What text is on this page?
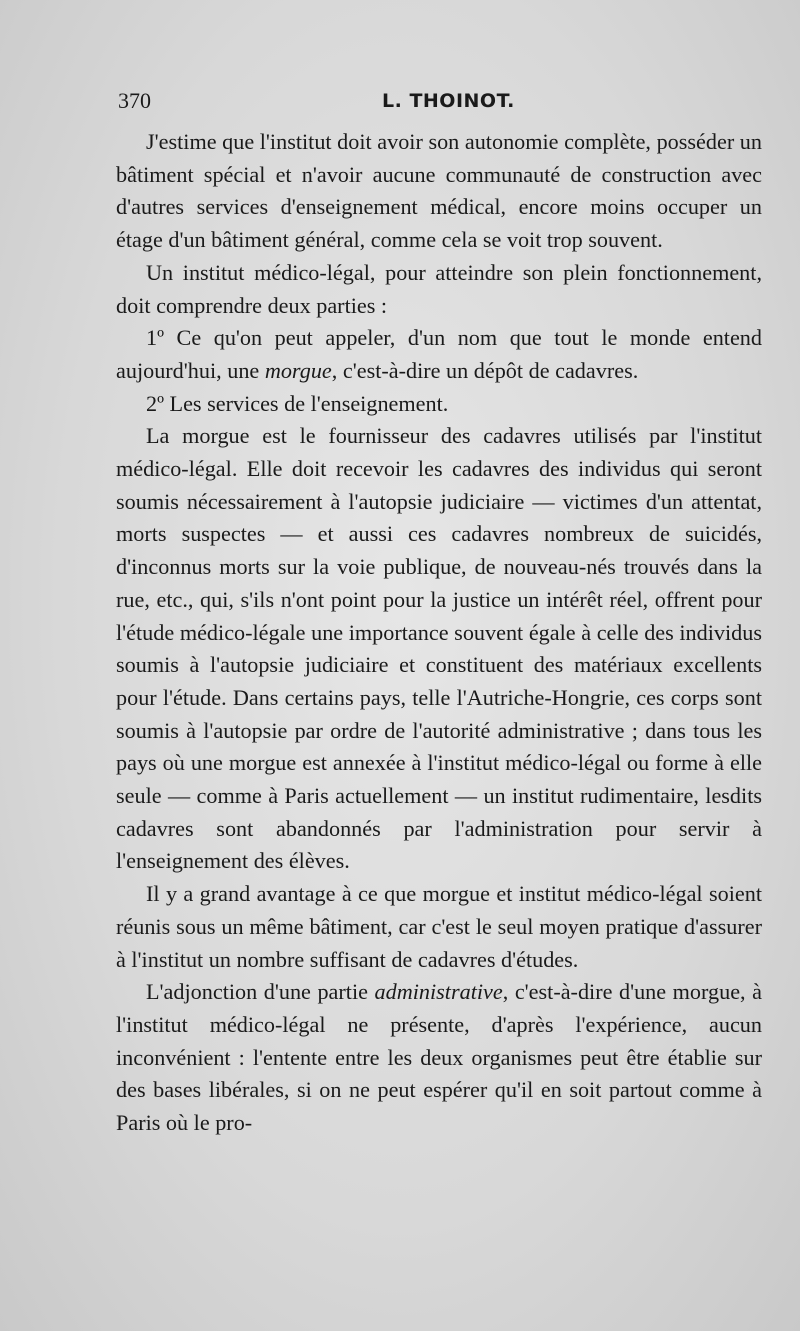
370	L. THOINOT.

J'estime que l'institut doit avoir son autonomie complète, posséder un bâtiment spécial et n'avoir aucune communauté de construction avec d'autres services d'enseignement médical, encore moins occuper un étage d'un bâtiment général, comme cela se voit trop souvent.

Un institut médico-légal, pour atteindre son plein fonctionnement, doit comprendre deux parties :

1º Ce qu'on peut appeler, d'un nom que tout le monde entend aujourd'hui, une morgue, c'est-à-dire un dépôt de cadavres.

2º Les services de l'enseignement.

La morgue est le fournisseur des cadavres utilisés par l'institut médico-légal. Elle doit recevoir les cadavres des individus qui seront soumis nécessairement à l'autopsie judiciaire — victimes d'un attentat, morts suspectes — et aussi ces cadavres nombreux de suicidés, d'inconnus morts sur la voie publique, de nouveau-nés trouvés dans la rue, etc., qui, s'ils n'ont point pour la justice un intérêt réel, offrent pour l'étude médico-légale une importance souvent égale à celle des individus soumis à l'autopsie judiciaire et constituent des matériaux excellents pour l'étude. Dans certains pays, telle l'Autriche-Hongrie, ces corps sont soumis à l'autopsie par ordre de l'autorité administrative ; dans tous les pays où une morgue est annexée à l'institut médico-légal ou forme à elle seule — comme à Paris actuellement — un institut rudimentaire, lesdits cadavres sont abandonnés par l'administration pour servir à l'enseignement des élèves.

Il y a grand avantage à ce que morgue et institut médico-légal soient réunis sous un même bâtiment, car c'est le seul moyen pratique d'assurer à l'institut un nombre suffisant de cadavres d'études.

L'adjonction d'une partie administrative, c'est-à-dire d'une morgue, à l'institut médico-légal ne présente, d'après l'expérience, aucun inconvénient : l'entente entre les deux organismes peut être établie sur des bases libérales, si on ne peut espérer qu'il en soit partout comme à Paris où le pro-
